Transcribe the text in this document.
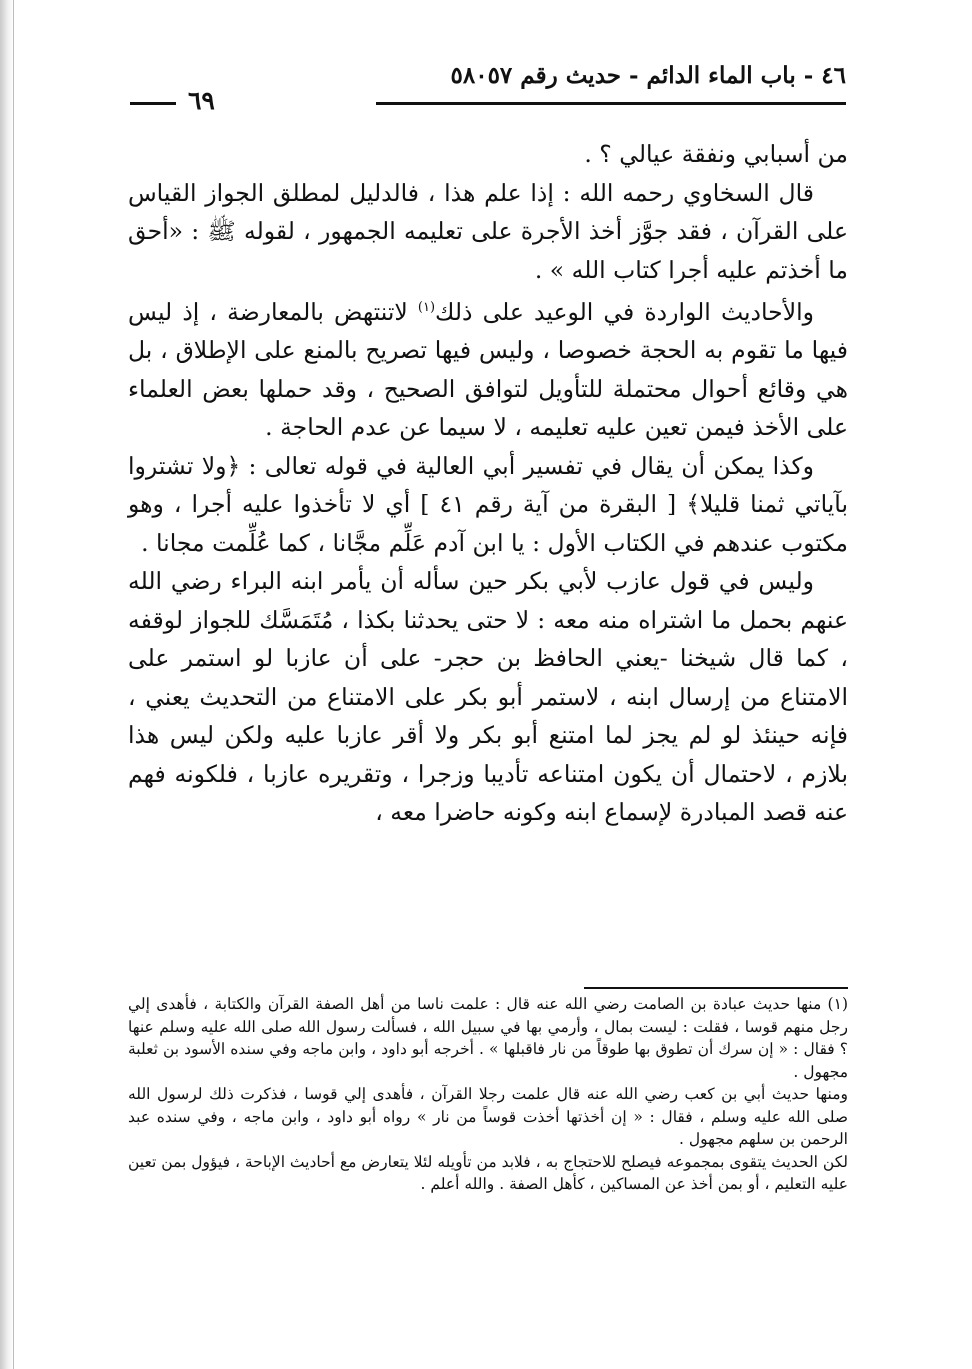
٤٦ - باب الماء الدائم - حديث رقم ٥٨٠٥٧
٦٩

من أسبابي ونفقة عيالي ؟ .

قال السخاوي رحمه الله : إذا علم هذا ، فالدليل لمطلق الجواز القياس على القرآن ، فقد جوَّز أخذ الأجرة على تعليمه الجمهور ، لقوله ﷺ : «أحق ما أخذتم عليه أجرا كتاب الله » .

والأحاديث الواردة في الوعيد على ذلك$^{(١)}$ لاتنتهض بالمعارضة ، إذ ليس فيها ما تقوم به الحجة خصوصا ، وليس فيها تصريح بالمنع على الإطلاق ، بل هي وقائع أحوال محتملة للتأويل لتوافق الصحيح ، وقد حملها بعض العلماء على الأخذ فيمن تعين عليه تعليمه ، لا سيما عن عدم الحاجة .

وكذا يمكن أن يقال في تفسير أبي العالية في قوله تعالى : ﴿ولا تشتروا بآياتي ثمنا قليلا﴾ [ البقرة من آية رقم ٤١ ] أي لا تأخذوا عليه أجرا ، وهو مكتوب عندهم في الكتاب الأول : يا ابن آدم عَلِّم مجَّانا ، كما عُلِّمت مجانا .

وليس في قول عازب لأبي بكر حين سأله أن يأمر ابنه البراء رضي الله عنهم بحمل ما اشتراه منه معه : لا حتى يحدثنا بكذا ، مُتَمَسَّك للجواز لوقفه ، كما قال شيخنا -يعني الحافظ بن حجر- على أن عازبا لو استمر على الامتناع من إرسال ابنه ، لاستمر أبو بكر على الامتناع من التحديث يعني ، فإنه حينئذ لو لم يجز لما امتنع أبو بكر ولا أقر عازبا عليه ولكن ليس هذا بلازم ، لاحتمال أن يكون امتناعه تأديبا وزجرا ، وتقريره عازبا ، فلكونه فهم عنه قصد المبادرة لإسماع ابنه وكونه حاضرا معه ،

(١) منها حديث عبادة بن الصامت رضي الله عنه قال : علمت ناسا من أهل الصفة القرآن والكتابة ، فأهدى إلي رجل منهم قوسا ، فقلت : ليست بمال ، وأرمي بها في سبيل الله ، فسألت رسول الله صلى الله عليه وسلم عنها ؟ فقال : « إن سرك أن تطوق بها طوقاً من نار فاقبلها » . أخرجه أبو داود ، وابن ماجه وفي سنده الأسود بن ثعلبة مجهول .

ومنها حديث أبي بن كعب رضي الله عنه قال علمت رجلا القرآن ، فأهدى إلي قوسا ، فذكرت ذلك لرسول الله صلى الله عليه وسلم ، فقال : « إن أخذتها أخذت قوساً من نار » رواه أبو داود ، وابن ماجه ، وفي سنده عبد الرحمن بن سلهم مجهول .

لكن الحديث يتقوى بمجموعه فيصلح للاحتجاج به ، فلابد من تأويله لئلا يتعارض مع أحاديث الإباحة ، فيؤول بمن تعين عليه التعليم ، أو بمن أخذ عن المساكين ، كأهل الصفة . والله أعلم .
